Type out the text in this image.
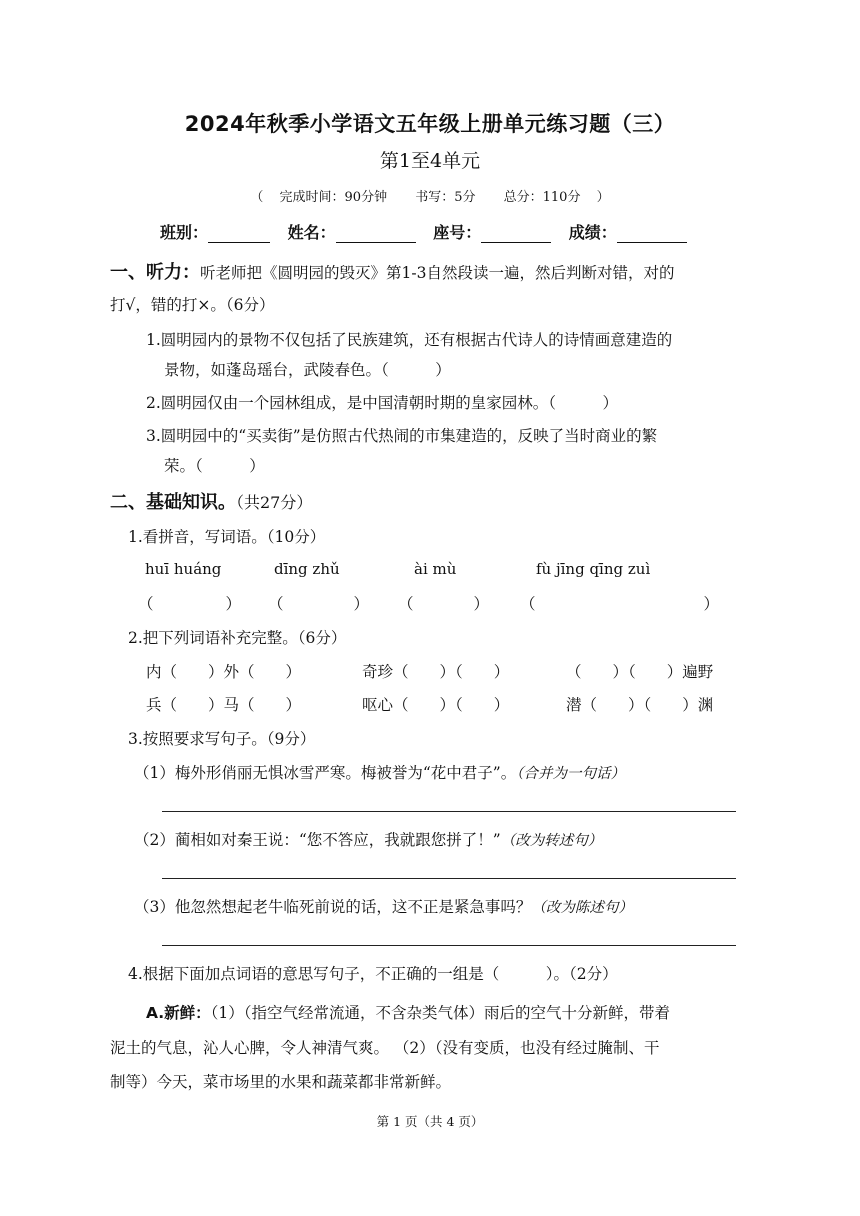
2024年秋季小学语文五年级上册单元练习题（三）
第1至4单元
（ 完成时间：90分钟 书写：5分 总分：110分 ）
班别：	姓名：	座号：	成绩：
一、听力：听老师把《圆明园的毁灭》第1-3自然段读一遍，然后判断对错，对的
打√，错的打×。（6分）
1.圆明园内的景物不仅包括了民族建筑，还有根据古代诗人的诗情画意建造的
景物，如蓬岛瑶台，武陵春色。（　　　）
2.圆明园仅由一个园林组成，是中国清朝时期的皇家园林。（　　　）
3.圆明园中的“买卖街”是仿照古代热闹的市集建造的，反映了当时商业的繁
荣。（　　　）
二、基础知识。（共27分）
1.看拼音，写词语。（10分）
huī huáng	dīng zhǔ	ài mù	fù jīng qīng zuì
（	） （	） （	） （	）
2.把下列词语补充完整。（6分）
内（　　）外（　　）	奇珍（　　）（　　）	（　　）（　　）遍野
兵（　　）马（　　）	呕心（　　）（　　）	潜（　　）（　　）渊
3.按照要求写句子。（9分）
（1）梅外形俏丽无惧冰雪严寒。梅被誉为“花中君子”。（合并为一句话）
（2）蔺相如对秦王说：“您不答应，我就跟您拼了！”（改为转述句）
（3）他忽然想起老牛临死前说的话，这不正是紧急事吗？（改为陈述句）
4.根据下面加点词语的意思写句子，不正确的一组是（　　　）。（2分）
A.新鲜：（1）（指空气经常流通，不含杂类气体）雨后的空气十分新鲜，带着
泥土的气息，沁人心脾，令人神清气爽。 （2）（没有变质，也没有经过腌制、干
制等）今天，菜市场里的水果和蔬菜都非常新鲜。
第 1 页（共 4 页）
